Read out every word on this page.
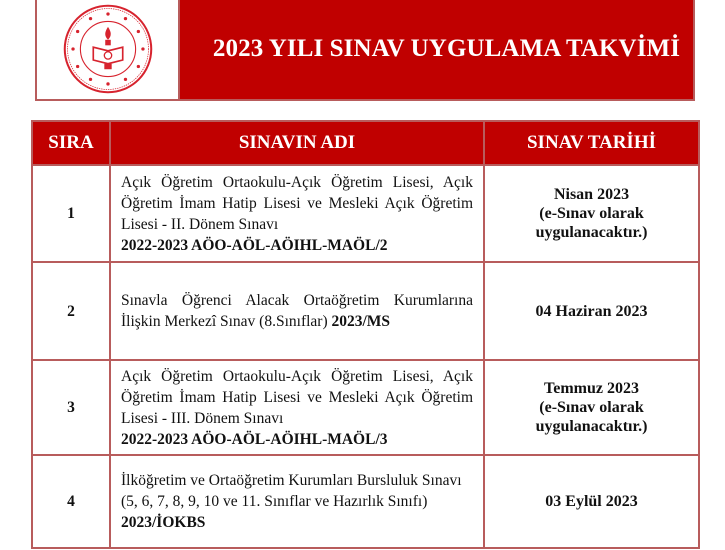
2023 YILI SINAV UYGULAMA TAKVİMİ
SIRA	SINAVIN ADI	SINAV TARİHİ
1	Açık Öğretim Ortaokulu-Açık Öğretim Lisesi, Açık
Öğretim İmam Hatip Lisesi ve Mesleki Açık Öğretim
Lisesi - II. Dönem Sınavı
2022-2023 AÖO-AÖL-AÖIHL-MAÖL/2	Nisan 2023
(e-Sınav olarak
uygulanacaktır.)

2	Sınavla Öğrenci Alacak Ortaöğretim Kurumlarına
İlişkin Merkezî Sınav (8.Sınıflar) 2023/MS	04 Haziran 2023

3	Açık Öğretim Ortaokulu-Açık Öğretim Lisesi, Açık
Öğretim İmam Hatip Lisesi ve Mesleki Açık Öğretim
Lisesi - III. Dönem Sınavı
2022-2023 AÖO-AÖL-AÖIHL-MAÖL/3	Temmuz 2023
(e-Sınav olarak
uygulanacaktır.)

4	İlköğretim ve Ortaöğretim Kurumları Bursluluk Sınavı
(5, 6, 7, 8, 9, 10 ve 11. Sınıflar ve Hazırlık Sınıfı)
2023/İOKBS	03 Eylül 2023
